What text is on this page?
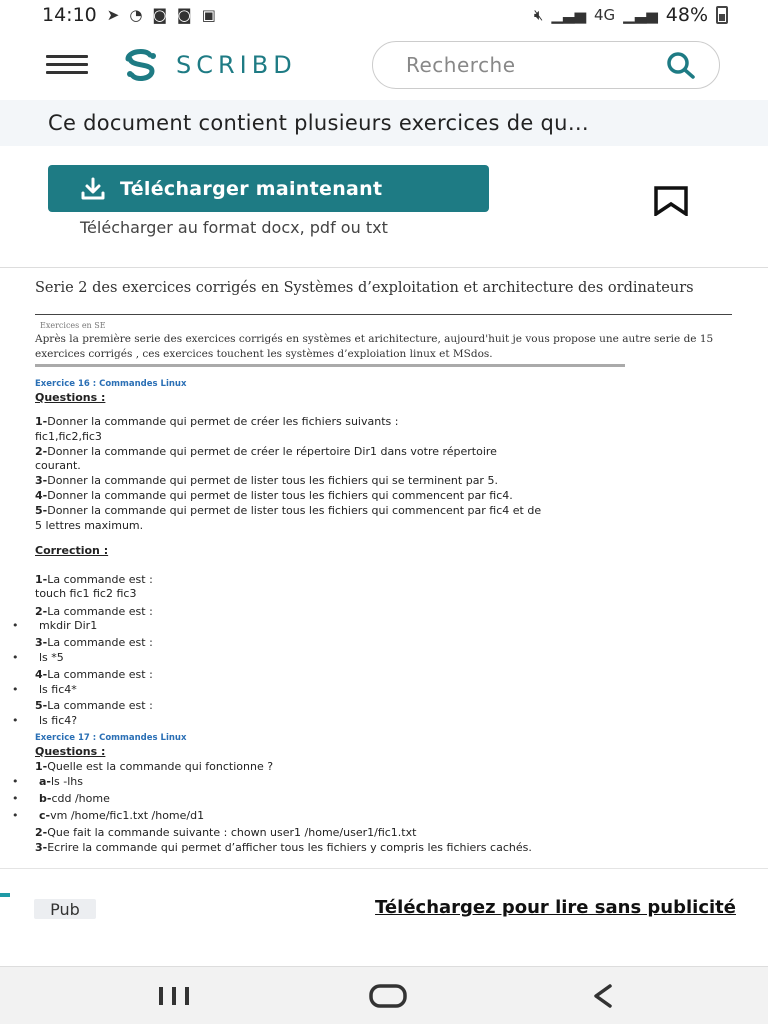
14:10 ➤ ◔ ◙ ◙ ▣	🔇︎ ▁▃▅ 4G ▁▃▅ 48%
SCRIBD	Recherche
Ce document contient plusieurs exercices de qu…
Télécharger maintenant
Télécharger au format docx, pdf ou txt
Serie 2 des exercices corrigés en Systèmes d’exploitation et architecture des ordinateurs
Exercices en SE
Après la première serie des exercices corrigés en systèmes et arichitecture, aujourd'huit je vous propose une autre serie de 15 exercices corrigés , ces exercices touchent les systèmes d’exploiation linux et MSdos.
Exercice 16 : Commandes Linux
Questions :
1-Donner la commande qui permet de créer les fichiers suivants :
fic1,fic2,fic3
2-Donner la commande qui permet de créer le répertoire Dir1 dans votre répertoire
courant.
3-Donner la commande qui permet de lister tous les fichiers qui se terminent par 5.
4-Donner la commande qui permet de lister tous les fichiers qui commencent par fic4.
5-Donner la commande qui permet de lister tous les fichiers qui commencent par fic4 et de
5 lettres maximum.
Correction :
1-La commande est :
touch fic1 fic2 fic3
2-La commande est :
• mkdir Dir1
3-La commande est :
• ls *5
4-La commande est :
• ls fic4*
5-La commande est :
• ls fic4?
Exercice 17 : Commandes Linux
Questions :
1-Quelle est la commande qui fonctionne ?
• a-ls -lhs
• b-cdd /home
• c-vm /home/fic1.txt /home/d1
2-Que fait la commande suivante : chown user1 /home/user1/fic1.txt
3-Ecrire la commande qui permet d’afficher tous les fichiers y compris les fichiers cachés.
Pub	Téléchargez pour lire sans publicité
